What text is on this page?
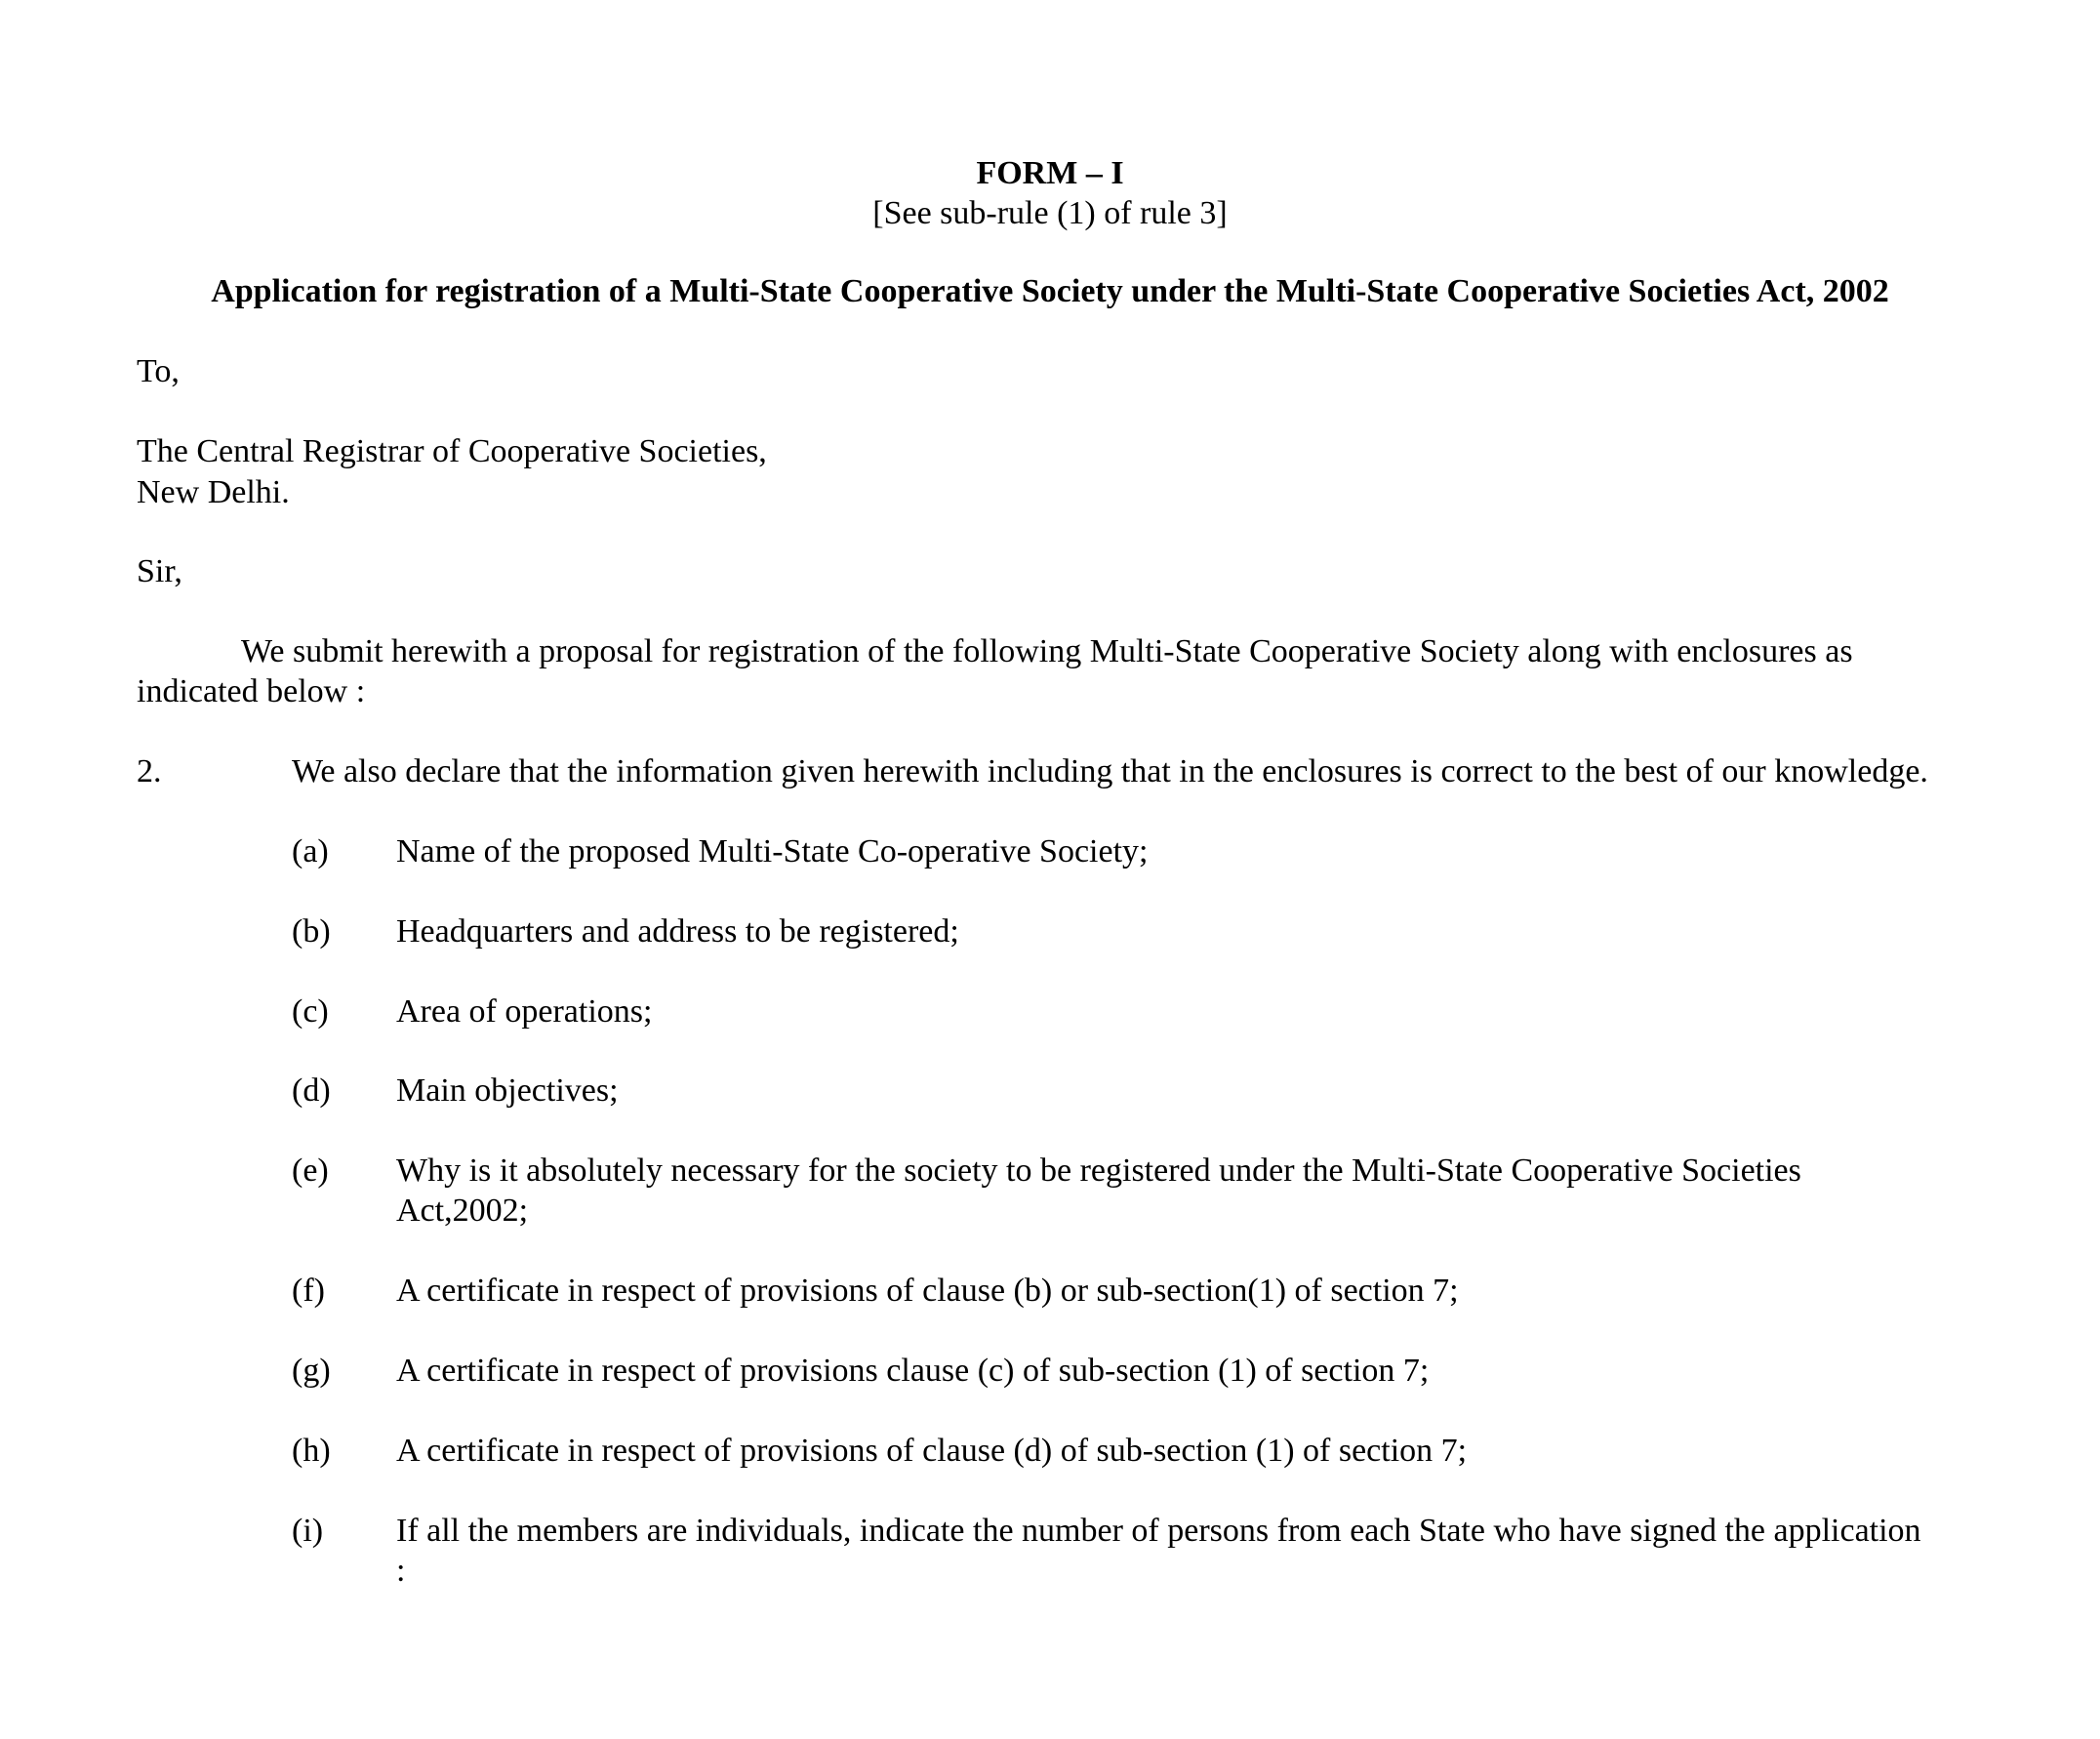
FORM – I
[See sub-rule (1) of rule 3]
Application for registration of a Multi-State Cooperative Society under the Multi-State Cooperative Societies Act, 2002
To,
The Central Registrar of Cooperative Societies,
New Delhi.
Sir,
We submit herewith a proposal for registration of the following Multi-State Cooperative Society along with enclosures as
indicated below :
2.	We also declare that the information given herewith including that in the enclosures is correct to the best of our knowledge.
(a) Name of the proposed Multi-State Co-operative Society;
(b) Headquarters and address to be registered;
(c) Area of operations;
(d) Main objectives;
(e) Why is it absolutely necessary for the society to be registered under the Multi-State Cooperative Societies
Act,2002;
(f) A certificate in respect of provisions of clause (b) or sub-section(1) of section 7;
(g) A certificate in respect of provisions clause (c) of sub-section (1) of section 7;
(h) A certificate in respect of provisions of clause (d) of sub-section (1) of section 7;
(i) If all the members are individuals, indicate the number of persons from each State who have signed the application
:
